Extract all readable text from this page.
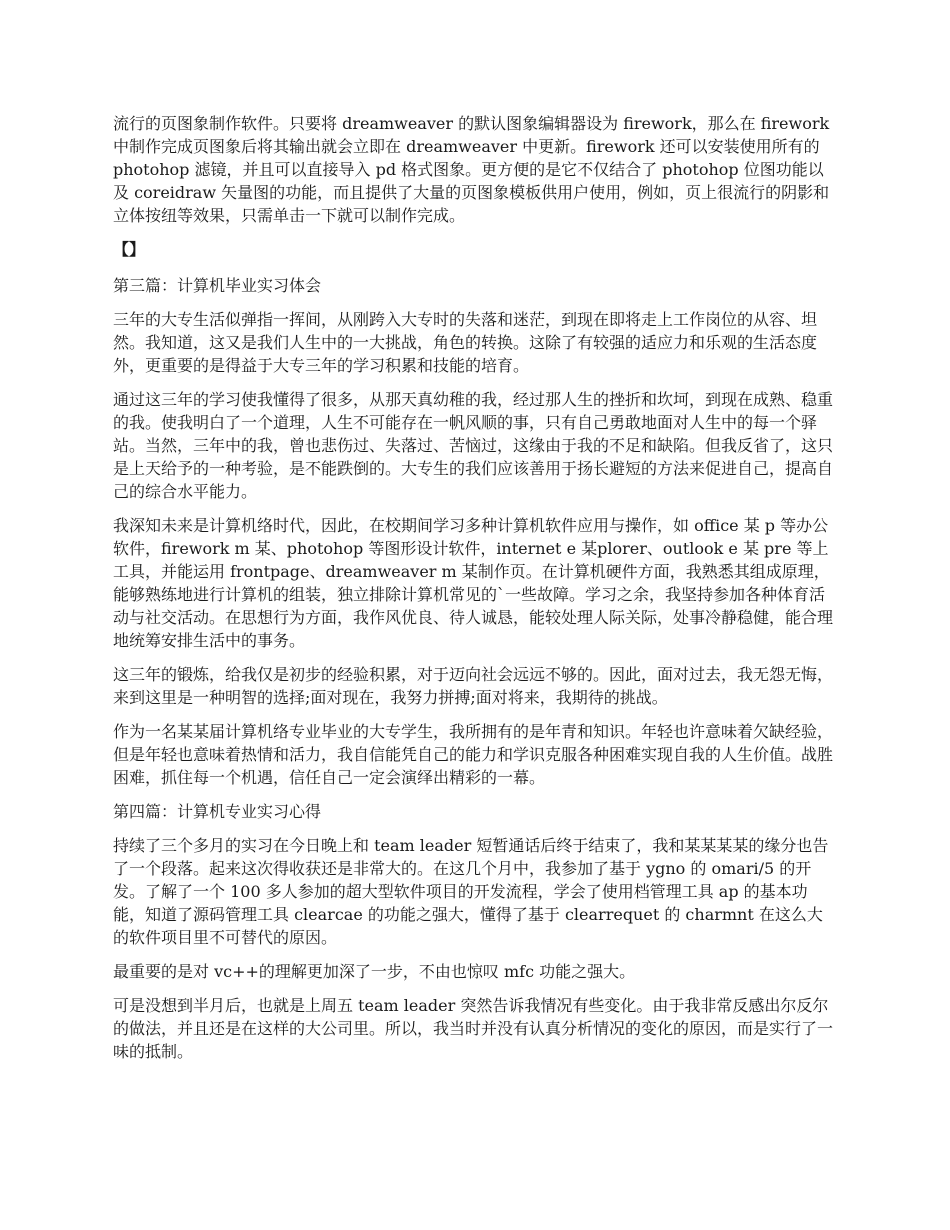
流行的页图象制作软件。只要将 dreamweaver 的默认图象编辑器设为 firework，那么在 firework 中制作完成页图象后将其输出就会立即在 dreamweaver 中更新。firework 还可以安装使用所有的 photohop 滤镜，并且可以直接导入 pd 格式图象。更方便的是它不仅结合了 photohop 位图功能以及 coreidraw 矢量图的功能，而且提供了大量的页图象模板供用户使用，例如，页上很流行的阴影和立体按纽等效果，只需单击一下就可以制作完成。

【】

第三篇：计算机毕业实习体会

三年的大专生活似弹指一挥间，从刚跨入大专时的失落和迷茫，到现在即将走上工作岗位的从容、坦然。我知道，这又是我们人生中的一大挑战，角色的转换。这除了有较强的适应力和乐观的生活态度外，更重要的是得益于大专三年的学习积累和技能的培育。

通过这三年的学习使我懂得了很多，从那天真幼稚的我，经过那人生的挫折和坎坷，到现在成熟、稳重的我。使我明白了一个道理，人生不可能存在一帆风顺的事，只有自己勇敢地面对人生中的每一个驿站。当然，三年中的我，曾也悲伤过、失落过、苦恼过，这缘由于我的不足和缺陷。但我反省了，这只是上天给予的一种考验，是不能跌倒的。大专生的我们应该善用于扬长避短的方法来促进自己，提高自己的综合水平能力。

我深知未来是计算机络时代，因此，在校期间学习多种计算机软件应用与操作，如 office 某 p 等办公软件，firework m 某、photohop 等图形设计软件，internet e 某plorer、outlook e 某 pre 等上工具，并能运用 frontpage、dreamweaver m 某制作页。在计算机硬件方面，我熟悉其组成原理，能够熟练地进行计算机的组装，独立排除计算机常见的`一些故障。学习之余，我坚持参加各种体育活动与社交活动。在思想行为方面，我作风优良、待人诚恳，能较处理人际关际，处事冷静稳健，能合理地统筹安排生活中的事务。

这三年的锻炼，给我仅是初步的经验积累，对于迈向社会远远不够的。因此，面对过去，我无怨无悔，来到这里是一种明智的选择;面对现在，我努力拼搏;面对将来，我期待的挑战。

作为一名某某届计算机络专业毕业的大专学生，我所拥有的是年青和知识。年轻也许意味着欠缺经验，但是年轻也意味着热情和活力，我自信能凭自己的能力和学识克服各种困难实现自我的人生价值。战胜困难，抓住每一个机遇，信任自己一定会演绎出精彩的一幕。

第四篇：计算机专业实习心得

持续了三个多月的实习在今日晚上和 team leader 短暂通话后终于结束了，我和某某某某的缘分也告了一个段落。起来这次得收获还是非常大的。在这几个月中，我参加了基于 ygno 的 omari/5 的开发。了解了一个 100 多人参加的超大型软件项目的开发流程，学会了使用档管理工具 ap 的基本功能，知道了源码管理工具 clearcae 的功能之强大，懂得了基于 clearrequet 的 charmnt 在这么大的软件项目里不可替代的原因。

最重要的是对 vc++的理解更加深了一步，不由也惊叹 mfc 功能之强大。

可是没想到半月后，也就是上周五 team leader 突然告诉我情况有些变化。由于我非常反感出尔反尔的做法，并且还是在这样的大公司里。所以，我当时并没有认真分析情况的变化的原因，而是实行了一味的抵制。
